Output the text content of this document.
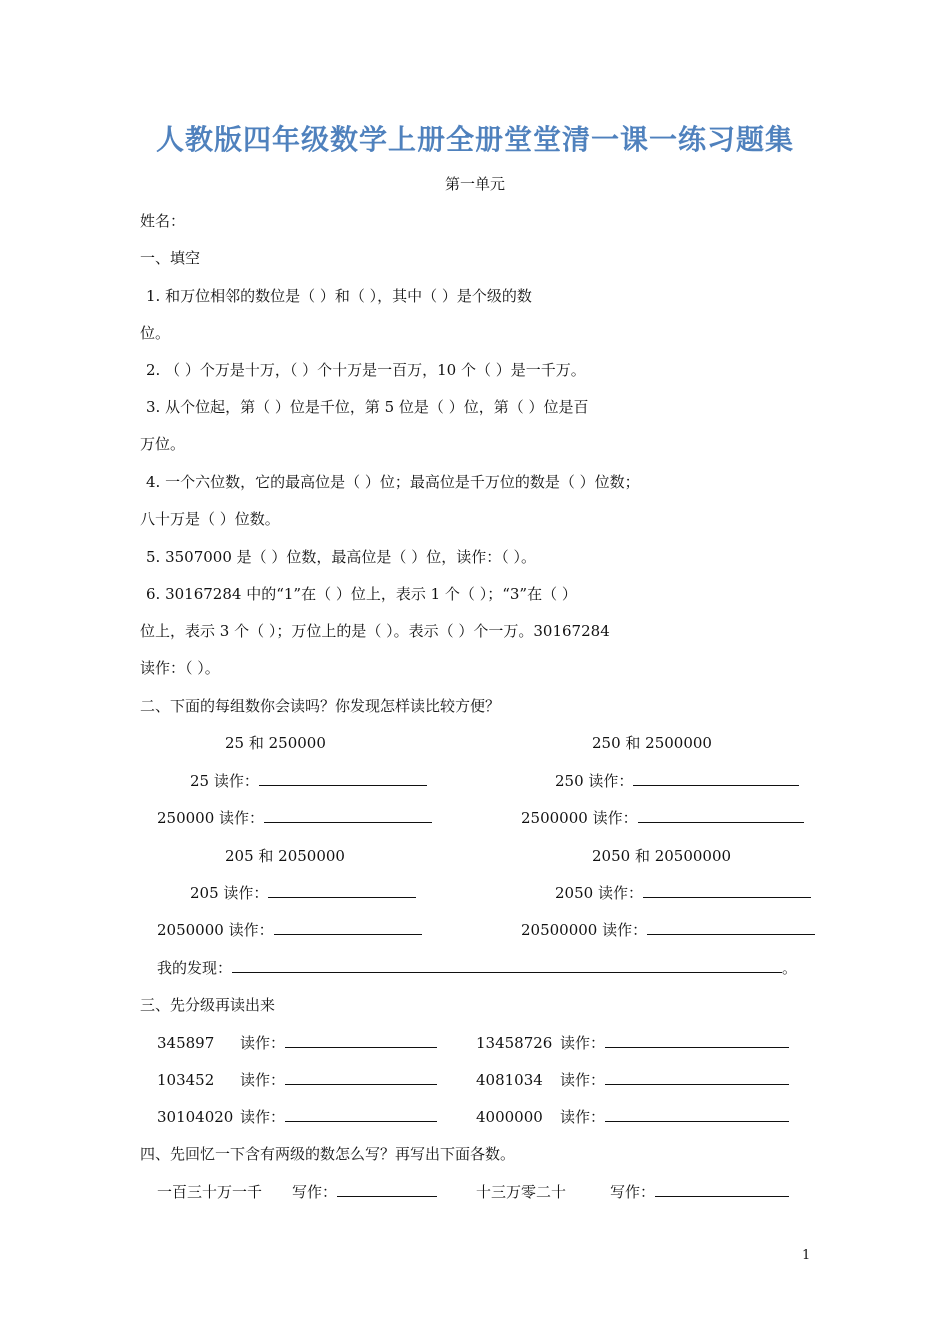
人教版四年级数学上册全册堂堂清一课一练习题集
第一单元
姓名：
一、填空
1. 和万位相邻的数位是（ ）和（ ），其中（ ）是个级的数
位。
2. （ ）个万是十万，（ ）个十万是一百万，10 个（ ）是一千万。
3. 从个位起，第（ ）位是千位，第 5 位是（ ）位，第（ ）位是百
万位。
4. 一个六位数，它的最高位是（ ）位；最高位是千万位的数是（ ）位数；
八十万是（ ）位数。
5. 3507000 是（ ）位数，最高位是（ ）位，读作：（ ）。
6. 30167284 中的“1”在（ ）位上，表示 1 个（ ）；“3”在（ ）
位上，表示 3 个（ ）；万位上的是（ ）。表示（ ）个一万。30167284
读作：（ ）。
二、下面的每组数你会读吗？你发现怎样读比较方便？
25 和 250000	250 和 2500000
25 读作：	250 读作：
250000 读作：	2500000 读作：
205 和 2050000	2050 和 20500000
205 读作：	2050 读作：
2050000 读作：	20500000 读作：
我的发现：	。
三、先分级再读出来
345897 读作：	13458726 读作：
103452 读作：	4081034 读作：
30104020 读作：	4000000 读作：
四、先回忆一下含有两级的数怎么写？再写出下面各数。
一百三十万一千 写作：	十三万零二十	写作：
1
